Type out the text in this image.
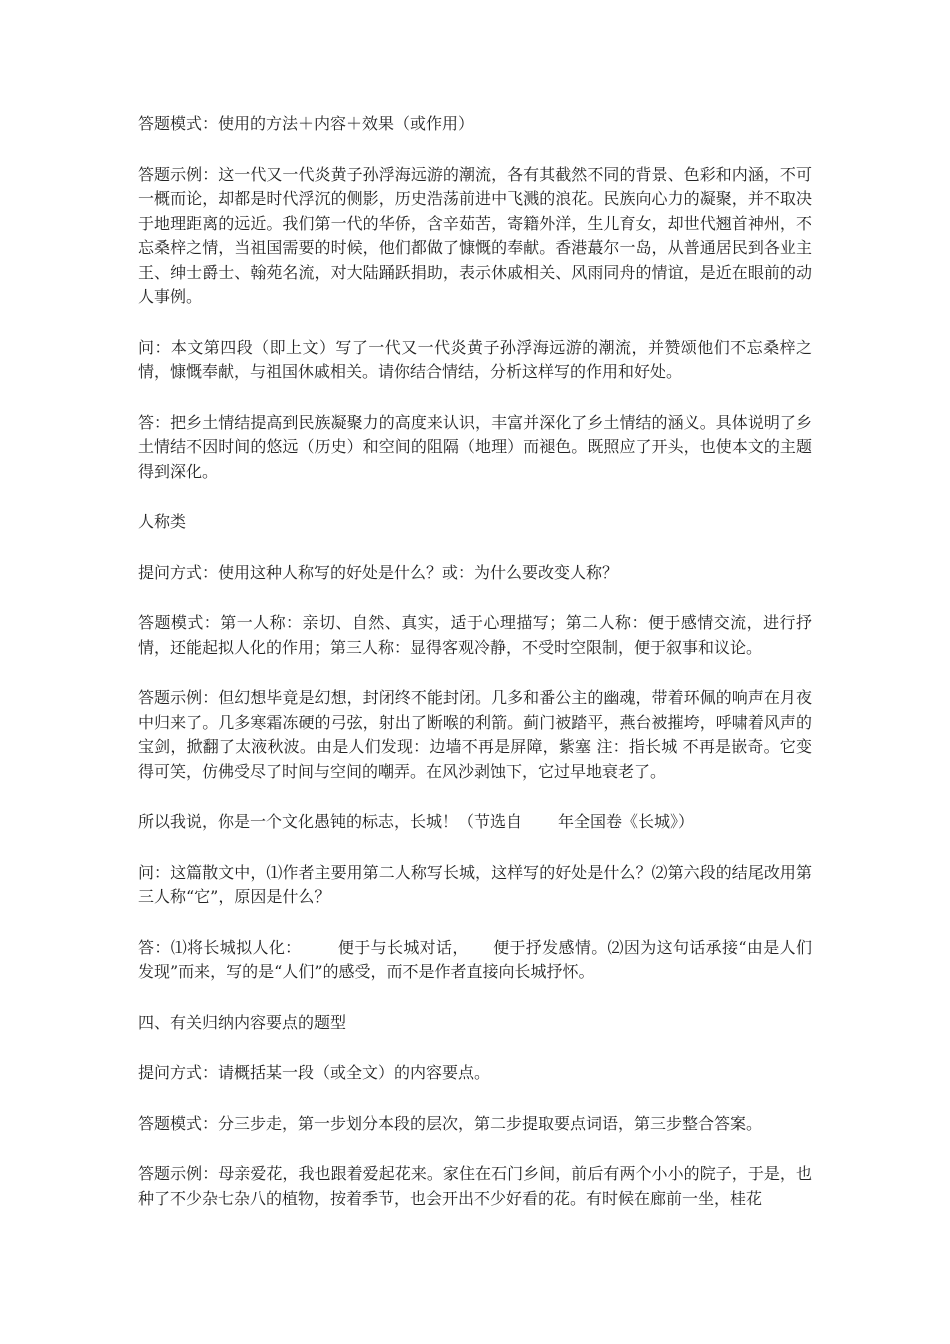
答题模式：使用的方法＋内容＋效果（或作用）

答题示例：这一代又一代炎黄子孙浮海远游的潮流，各有其截然不同的背景、色彩和内涵，不可一概而论，却都是时代浮沉的侧影，历史浩荡前进中飞溅的浪花。民族向心力的凝聚，并不取决于地理距离的远近。我们第一代的华侨，含辛茹苦，寄籍外洋，生儿育女，却世代翘首神州，不忘桑梓之情，当祖国需要的时候，他们都做了慷慨的奉献。香港蕞尔一岛，从普通居民到各业主王、绅士爵士、翰苑名流，对大陆踊跃捐助，表示休戚相关、风雨同舟的情谊，是近在眼前的动人事例。

问：本文第四段（即上文）写了一代又一代炎黄子孙浮海远游的潮流，并赞颂他们不忘桑梓之情，慷慨奉献，与祖国休戚相关。请你结合情结，分析这样写的作用和好处。

答：把乡土情结提高到民族凝聚力的高度来认识，丰富并深化了乡土情结的涵义。具体说明了乡土情结不因时间的悠远（历史）和空间的阻隔（地理）而褪色。既照应了开头，也使本文的主题得到深化。

人称类

提问方式：使用这种人称写的好处是什么？或：为什么要改变人称？

答题模式：第一人称：亲切、自然、真实，适于心理描写；第二人称：便于感情交流，进行抒情，还能起拟人化的作用；第三人称：显得客观冷静，不受时空限制，便于叙事和议论。

答题示例：但幻想毕竟是幻想，封闭终不能封闭。几多和番公主的幽魂，带着环佩的响声在月夜中归来了。几多寒霜冻硬的弓弦，射出了断喉的利箭。蓟门被踏平，燕台被摧垮，呼啸着风声的宝剑，掀翻了太液秋波。由是人们发现：边墙不再是屏障，紫塞 注：指长城 不再是嵌奇。它变得可笑，仿佛受尽了时间与空间的嘲弄。在风沙剥蚀下，它过早地衰老了。

所以我说，你是一个文化愚钝的标志，长城！（节选自 年全国卷《长城》）

问：这篇散文中，⑴作者主要用第二人称写长城，这样写的好处是什么？⑵第六段的结尾改用第三人称“它”，原因是什么？

答：⑴将长城拟人化： 便于与长城对话， 便于抒发感情。⑵因为这句话承接“由是人们发现”而来，写的是“人们”的感受，而不是作者直接向长城抒怀。

四、有关归纳内容要点的题型

提问方式：请概括某一段（或全文）的内容要点。

答题模式：分三步走，第一步划分本段的层次，第二步提取要点词语，第三步整合答案。

答题示例：母亲爱花，我也跟着爱起花来。家住在石门乡间，前后有两个小小的院子，于是，也种了不少杂七杂八的植物，按着季节，也会开出不少好看的花。有时候在廊前一坐，桂花
